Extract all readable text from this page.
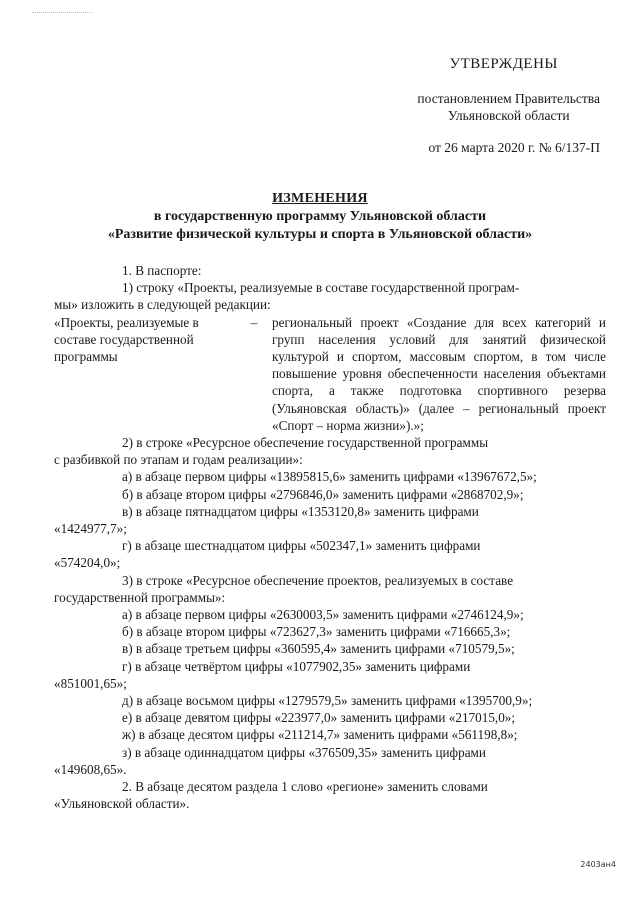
УТВЕРЖДЕНЫ
постановлением Правительства
Ульяновской области
от 26 марта 2020 г. № 6/137-П
ИЗМЕНЕНИЯ
в государственную программу Ульяновской области
«Развитие физической культуры и спорта в Ульяновской области»

1. В паспорте:

1) строку «Проекты, реализуемые в составе государственной програм-

мы» изложить в следующей редакции:

«Проекты, реализуемые в составе государственной программы
–	региональный проект «Создание для всех категорий и групп населения условий для занятий физической культурой и спортом, массовым спортом, в том числе повышение уровня обеспеченности населения объектами спорта, а также подготовка спортивного резерва (Ульяновская область)» (далее – региональный проект «Спорт – норма жизни»).»;

2) в строке «Ресурсное обеспечение государственной программы

с разбивкой по этапам и годам реализации»:

а) в абзаце первом цифры «13895815,6» заменить цифрами «13967672,5»;

б) в абзаце втором цифры «2796846,0» заменить цифрами «2868702,9»;

в) в абзаце пятнадцатом цифры «1353120,8» заменить цифрами

«1424977,7»;

г) в абзаце шестнадцатом цифры «502347,1» заменить цифрами

«574204,0»;

3) в строке «Ресурсное обеспечение проектов, реализуемых в составе

государственной программы»:

а) в абзаце первом цифры «2630003,5» заменить цифрами «2746124,9»;

б) в абзаце втором цифры «723627,3» заменить цифрами «716665,3»;

в) в абзаце третьем цифры «360595,4» заменить цифрами «710579,5»;

г) в абзаце четвёртом цифры «1077902,35» заменить цифрами

«851001,65»;

д) в абзаце восьмом цифры «1279579,5» заменить цифрами «1395700,9»;

е) в абзаце девятом цифры «223977,0» заменить цифрами «217015,0»;

ж) в абзаце десятом цифры «211214,7» заменить цифрами «561198,8»;

з) в абзаце одиннадцатом цифры «376509,35» заменить цифрами

«149608,65».

2. В абзаце десятом раздела 1 слово «регионе» заменить словами

«Ульяновской области».

2403ан4
